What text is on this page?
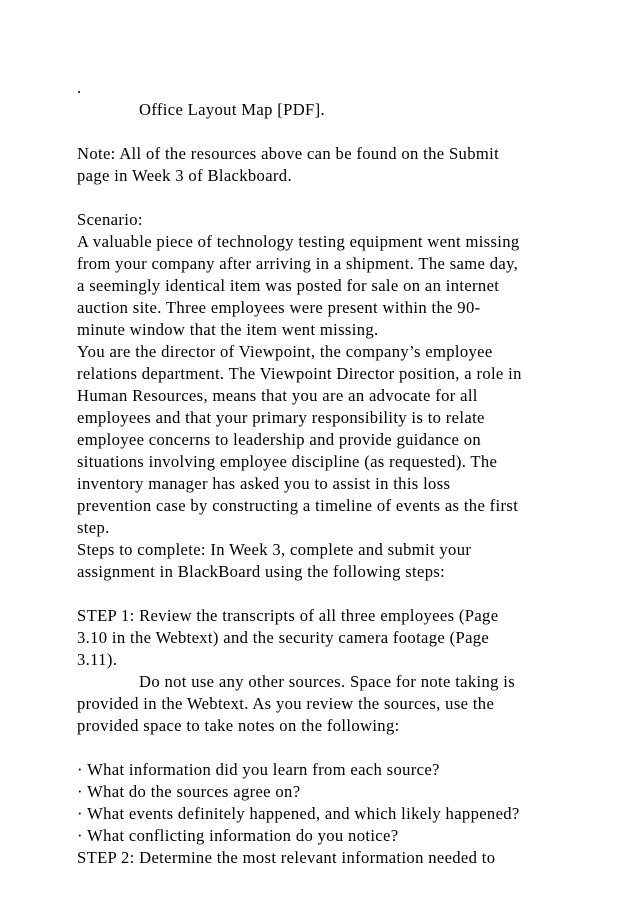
.
Office Layout Map [PDF].
Note: All of the resources above can be found on the Submit
page in Week 3 of Blackboard.
Scenario:
A valuable piece of technology testing equipment went missing
from your company after arriving in a shipment. The same day,
a seemingly identical item was posted for sale on an internet
auction site. Three employees were present within the 90-
minute window that the item went missing.
You are the director of Viewpoint, the company’s employee
relations department. The Viewpoint Director position, a role in
Human Resources, means that you are an advocate for all
employees and that your primary responsibility is to relate
employee concerns to leadership and provide guidance on
situations involving employee discipline (as requested). The
inventory manager has asked you to assist in this loss
prevention case by constructing a timeline of events as the first
step.
Steps to complete: In Week 3, complete and submit your
assignment in BlackBoard using the following steps:
STEP 1: Review the transcripts of all three employees (Page
3.10 in the Webtext) and the security camera footage (Page
3.11).
Do not use any other sources. Space for note taking is
provided in the Webtext. As you review the sources, use the
provided space to take notes on the following:
· What information did you learn from each source?
· What do the sources agree on?
· What events definitely happened, and which likely happened?
· What conflicting information do you notice?
STEP 2: Determine the most relevant information needed to
